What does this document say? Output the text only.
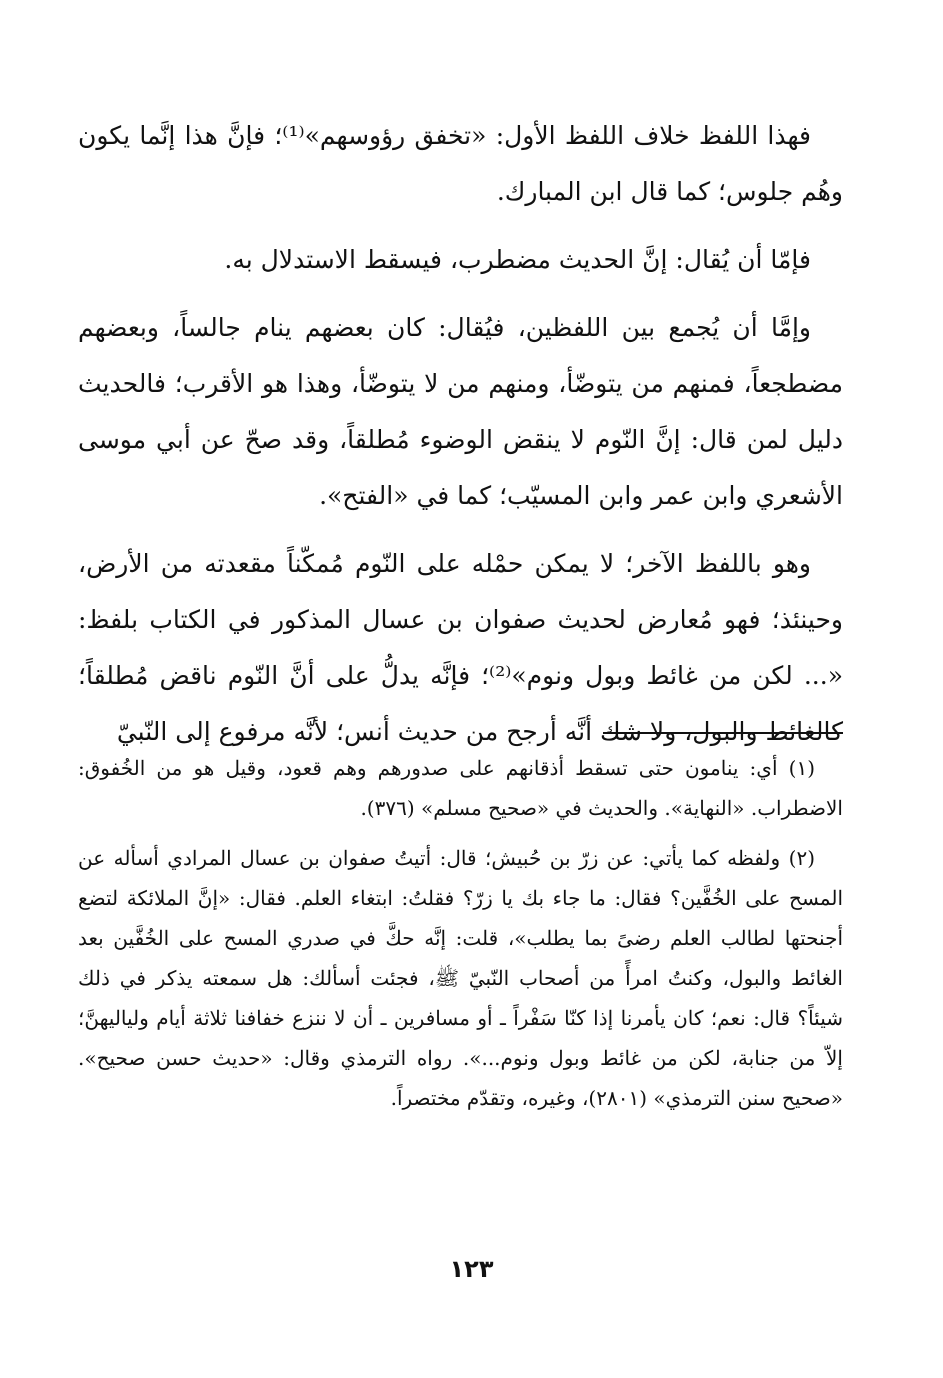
فهذا اللفظ خلاف اللفظ الأول: «تخفق رؤوسهم»⁽¹⁾؛ فإنَّ هذا إنَّما يكون وهُم جلوس؛ كما قال ابن المبارك.

فإمّا أن يُقال: إنَّ الحديث مضطرب، فيسقط الاستدلال به.

وإمَّا أن يُجمع بين اللفظين، فيُقال: كان بعضهم ينام جالساً، وبعضهم مضطجعاً، فمنهم من يتوضّأ، ومنهم من لا يتوضّأ، وهذا هو الأقرب؛ فالحديث دليل لمن قال: إنَّ النّوم لا ينقض الوضوء مُطلقاً، وقد صحّ عن أبي موسى الأشعري وابن عمر وابن المسيّب؛ كما في «الفتح».

وهو باللفظ الآخر؛ لا يمكن حمْله على النّوم مُمكّناً مقعدته من الأرض، وحينئذ؛ فهو مُعارض لحديث صفوان بن عسال المذكور في الكتاب بلفظ: «... لكن من غائط وبول ونوم»⁽²⁾؛ فإنَّه يدلُّ على أنَّ النّوم ناقض مُطلقاً؛ كالغائط والبول، ولا شك أنَّه أرجح من حديث أنس؛ لأنَّه مرفوع إلى النّبيّ

(١) أي: ينامون حتى تسقط أذقانهم على صدورهم وهم قعود، وقيل هو من الخُفوق: الاضطراب. «النهاية». والحديث في «صحيح مسلم» (٣٧٦).

(٢) ولفظه كما يأتي: عن زرّ بن حُبيش؛ قال: أتيتُ صفوان بن عسال المرادي أسأله عن المسح على الخُفَّين؟ فقال: ما جاء بك يا زرّ؟ فقلتُ: ابتغاء العلم. فقال: «إنَّ الملائكة لتضع أجنحتها لطالب العلم رضىً بما يطلب»، قلت: إنَّه حكَّ في صدري المسح على الخُفَّين بعد الغائط والبول، وكنتُ امرأً من أصحاب النّبيّ ﷺ، فجئت أسألك: هل سمعته يذكر في ذلك شيئاً؟ قال: نعم؛ كان يأمرنا إذا كنّا سَفْراً ـ أو مسافرين ـ أن لا ننزع خفافنا ثلاثة أيام ولياليهنَّ؛ إلاّ من جنابة، لكن من غائط وبول ونوم...». رواه الترمذي وقال: «حديث حسن صحيح». «صحيح سنن الترمذي» (٢٨٠١)، وغيره، وتقدّم مختصراً.

١٢٣
